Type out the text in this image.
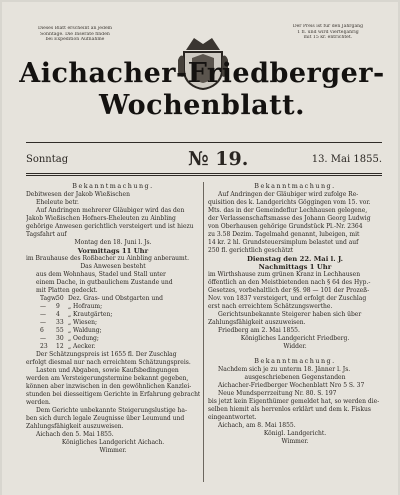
Dieses Blatt erscheint an jedem
Sonntage. Die Inserate finden
bei Expedition Aufnahme
Der Preis ist für den Jahrgang
1 fl. und wird vierteljährig
mit 15 kr. entrichtet.
Aichacher-Friedberger-
Wochenblatt.
Sonntag	№ 19.	13. Mai 1855.
Bekanntmachung.
Debitwesen der Jakob Wießischen
Eheleute betr.
Auf Andringen mehrerer Gläubiger wird das den
Jakob Wießischen Hofners-Eheleuten zu Ainbling
gehörige Anwesen gerichtlich versteigert und ist hiezu
Tagsfahrt auf
Montag den 18. Juni l. Js.
Vormittags 11 Uhr
im Brauhause des Roßbacher zu Ainbling anberaumt.
Das Anwesen besteht
aus dem Wohnhaus, Stadel und Stall unter
einem Dache, in gutbaulichem Zustande und
mit Platten gedeckt.
Tagw.
50 Dez. Gras- und Obstgarten und
—	9	„ Hofraum;
—	4	„ Krautgärten;
—	33 „ Wiesen;
6	55 „ Waldung;
—	30 „ Oedung;
23	12 „ Aecker.
Der Schätzungspreis ist 1655 fl. Der Zuschlag
erfolgt diesmal nur nach erreichtem Schätzungspreis.
Lasten und Abgaben, sowie Kaufsbedingungen
werden am Versteigerungstermine bekannt gegeben,
können aber inzwischen in den gewöhnlichen Kanzlei-
stunden bei diesseitigem Gerichte in Erfahrung gebracht
werden.
Dem Gerichte unbekannte Steigerungslustige ha-
ben sich durch legale Zeugnisse über Leumund und
Zahlungsfähigkeit auszuweisen.
Aichach den 5. Mai 1855.
Königliches Landgericht Aichach.
Wimmer.
Bekanntmachung.
Auf Andringen der Gläubiger wird zufolge Re-
quisition des k. Landgerichts Göggingen vom 15. vor.
Mts. das in der Gemeindeflur Lechhausen gelegene,
der Verlassenschaftsmasse des Johann Georg Ludwig
von Oberhausen gehörige Grundstück Pl.-Nr. 2364
zu 3.58 Dezim. Tagelmahd genannt, lubeigen, mit
14 kr. 2 hl. Grundsteuersimplum belastet und auf
250 fl. gerichtlich geschätzt
Dienstag den 22. Mai l. J.
Nachmittags 1 Uhr
im Wirthshause zum grünen Kranz in Lechhausen
öffentlich an den Meistbietenden nach § 64 des Hyp.-
Gesetzes, vorbehaltlich der §§. 98 — 101 der Prozeß-
Nov. von 1837 versteigert, und erfolgt der Zuschlag
erst nach erreichtem Schätzungswerthe.
Gerichtsunbekannte Steigerer haben sich über
Zahlungsfähigkeit auszuweisen.
Friedberg am 2. Mai 1855.
Königliches Landgericht Friedberg.
Widder.
Bekanntmachung.
Nachdem sich je zu unterm 18. Jänner l. Js.
ausgeschriebenen Gegenstanden
Aichacher-Friedberger Wochenblatt Nro 5 S. 37
Neue Mundsperrzeitung Nr. 80. S. 197
bis jetzt kein Eigenthümer gemeldet hat, so werden die-
selben hiemit als herrenlos erklärt und dem k. Fiskus
eingeantwortet.
Aichach, am 8. Mai 1855.
Königl. Landgericht.
Wimmer.
